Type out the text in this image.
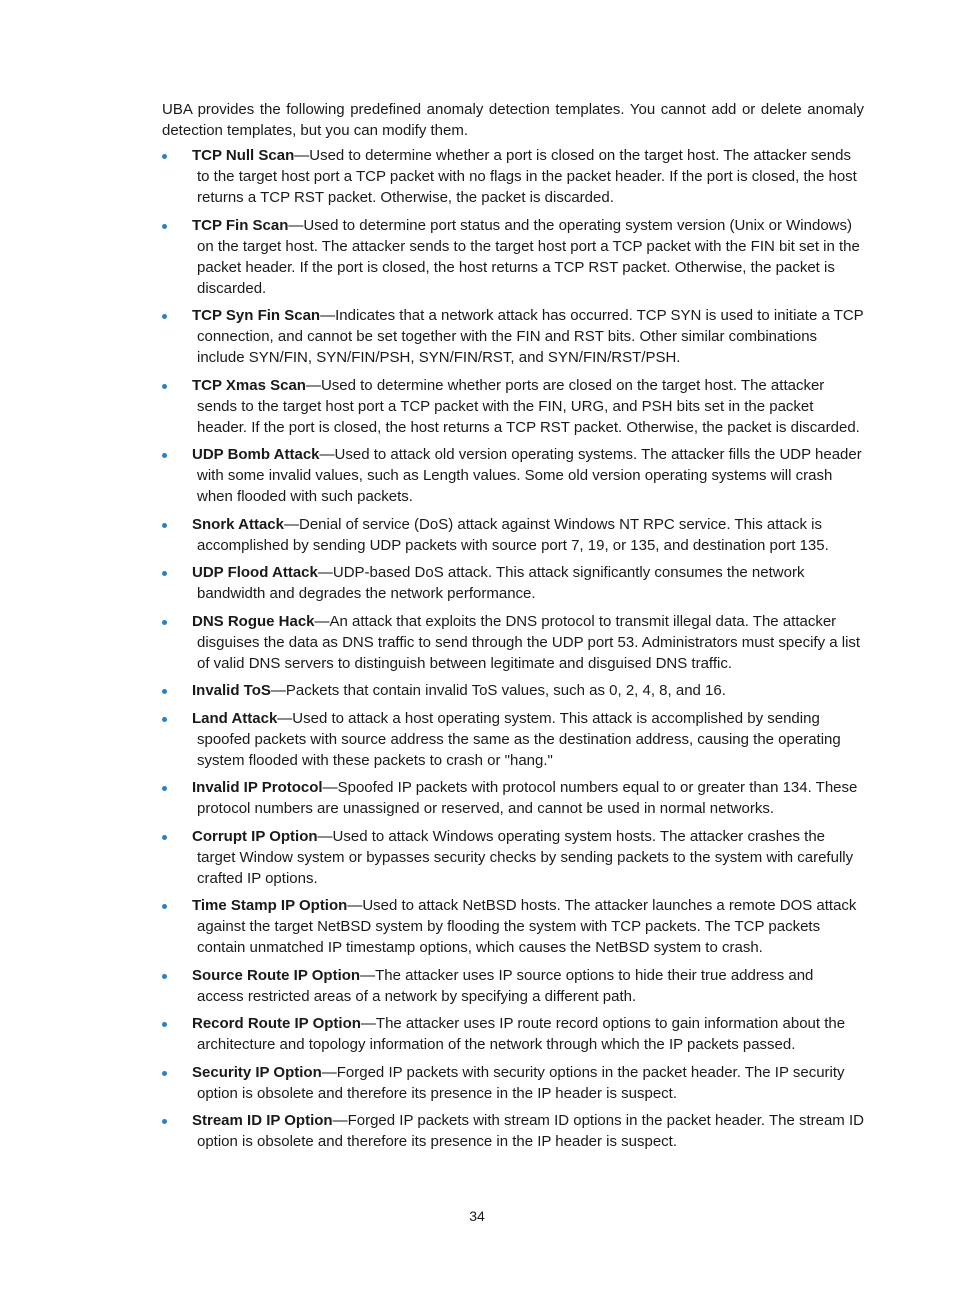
UBA provides the following predefined anomaly detection templates. You cannot add or delete anomaly detection templates, but you can modify them.

TCP Null Scan—Used to determine whether a port is closed on the target host. The attacker sends to the target host port a TCP packet with no flags in the packet header. If the port is closed, the host returns a TCP RST packet. Otherwise, the packet is discarded.
TCP Fin Scan—Used to determine port status and the operating system version (Unix or Windows) on the target host. The attacker sends to the target host port a TCP packet with the FIN bit set in the packet header. If the port is closed, the host returns a TCP RST packet. Otherwise, the packet is discarded.
TCP Syn Fin Scan—Indicates that a network attack has occurred. TCP SYN is used to initiate a TCP connection, and cannot be set together with the FIN and RST bits. Other similar combinations include SYN/FIN, SYN/FIN/PSH, SYN/FIN/RST, and SYN/FIN/RST/PSH.
TCP Xmas Scan—Used to determine whether ports are closed on the target host. The attacker sends to the target host port a TCP packet with the FIN, URG, and PSH bits set in the packet header. If the port is closed, the host returns a TCP RST packet. Otherwise, the packet is discarded.
UDP Bomb Attack—Used to attack old version operating systems. The attacker fills the UDP header with some invalid values, such as Length values. Some old version operating systems will crash when flooded with such packets.
Snork Attack—Denial of service (DoS) attack against Windows NT RPC service. This attack is accomplished by sending UDP packets with source port 7, 19, or 135, and destination port 135.
UDP Flood Attack—UDP-based DoS attack. This attack significantly consumes the network bandwidth and degrades the network performance.
DNS Rogue Hack—An attack that exploits the DNS protocol to transmit illegal data. The attacker disguises the data as DNS traffic to send through the UDP port 53. Administrators must specify a list of valid DNS servers to distinguish between legitimate and disguised DNS traffic.
Invalid ToS—Packets that contain invalid ToS values, such as 0, 2, 4, 8, and 16.
Land Attack—Used to attack a host operating system. This attack is accomplished by sending spoofed packets with source address the same as the destination address, causing the operating system flooded with these packets to crash or "hang."
Invalid IP Protocol—Spoofed IP packets with protocol numbers equal to or greater than 134. These protocol numbers are unassigned or reserved, and cannot be used in normal networks.
Corrupt IP Option—Used to attack Windows operating system hosts. The attacker crashes the target Window system or bypasses security checks by sending packets to the system with carefully crafted IP options.
Time Stamp IP Option—Used to attack NetBSD hosts. The attacker launches a remote DOS attack against the target NetBSD system by flooding the system with TCP packets. The TCP packets contain unmatched IP timestamp options, which causes the NetBSD system to crash.
Source Route IP Option—The attacker uses IP source options to hide their true address and access restricted areas of a network by specifying a different path.
Record Route IP Option—The attacker uses IP route record options to gain information about the architecture and topology information of the network through which the IP packets passed.
Security IP Option—Forged IP packets with security options in the packet header. The IP security option is obsolete and therefore its presence in the IP header is suspect.
Stream ID IP Option—Forged IP packets with stream ID options in the packet header. The stream ID option is obsolete and therefore its presence in the IP header is suspect.
34
